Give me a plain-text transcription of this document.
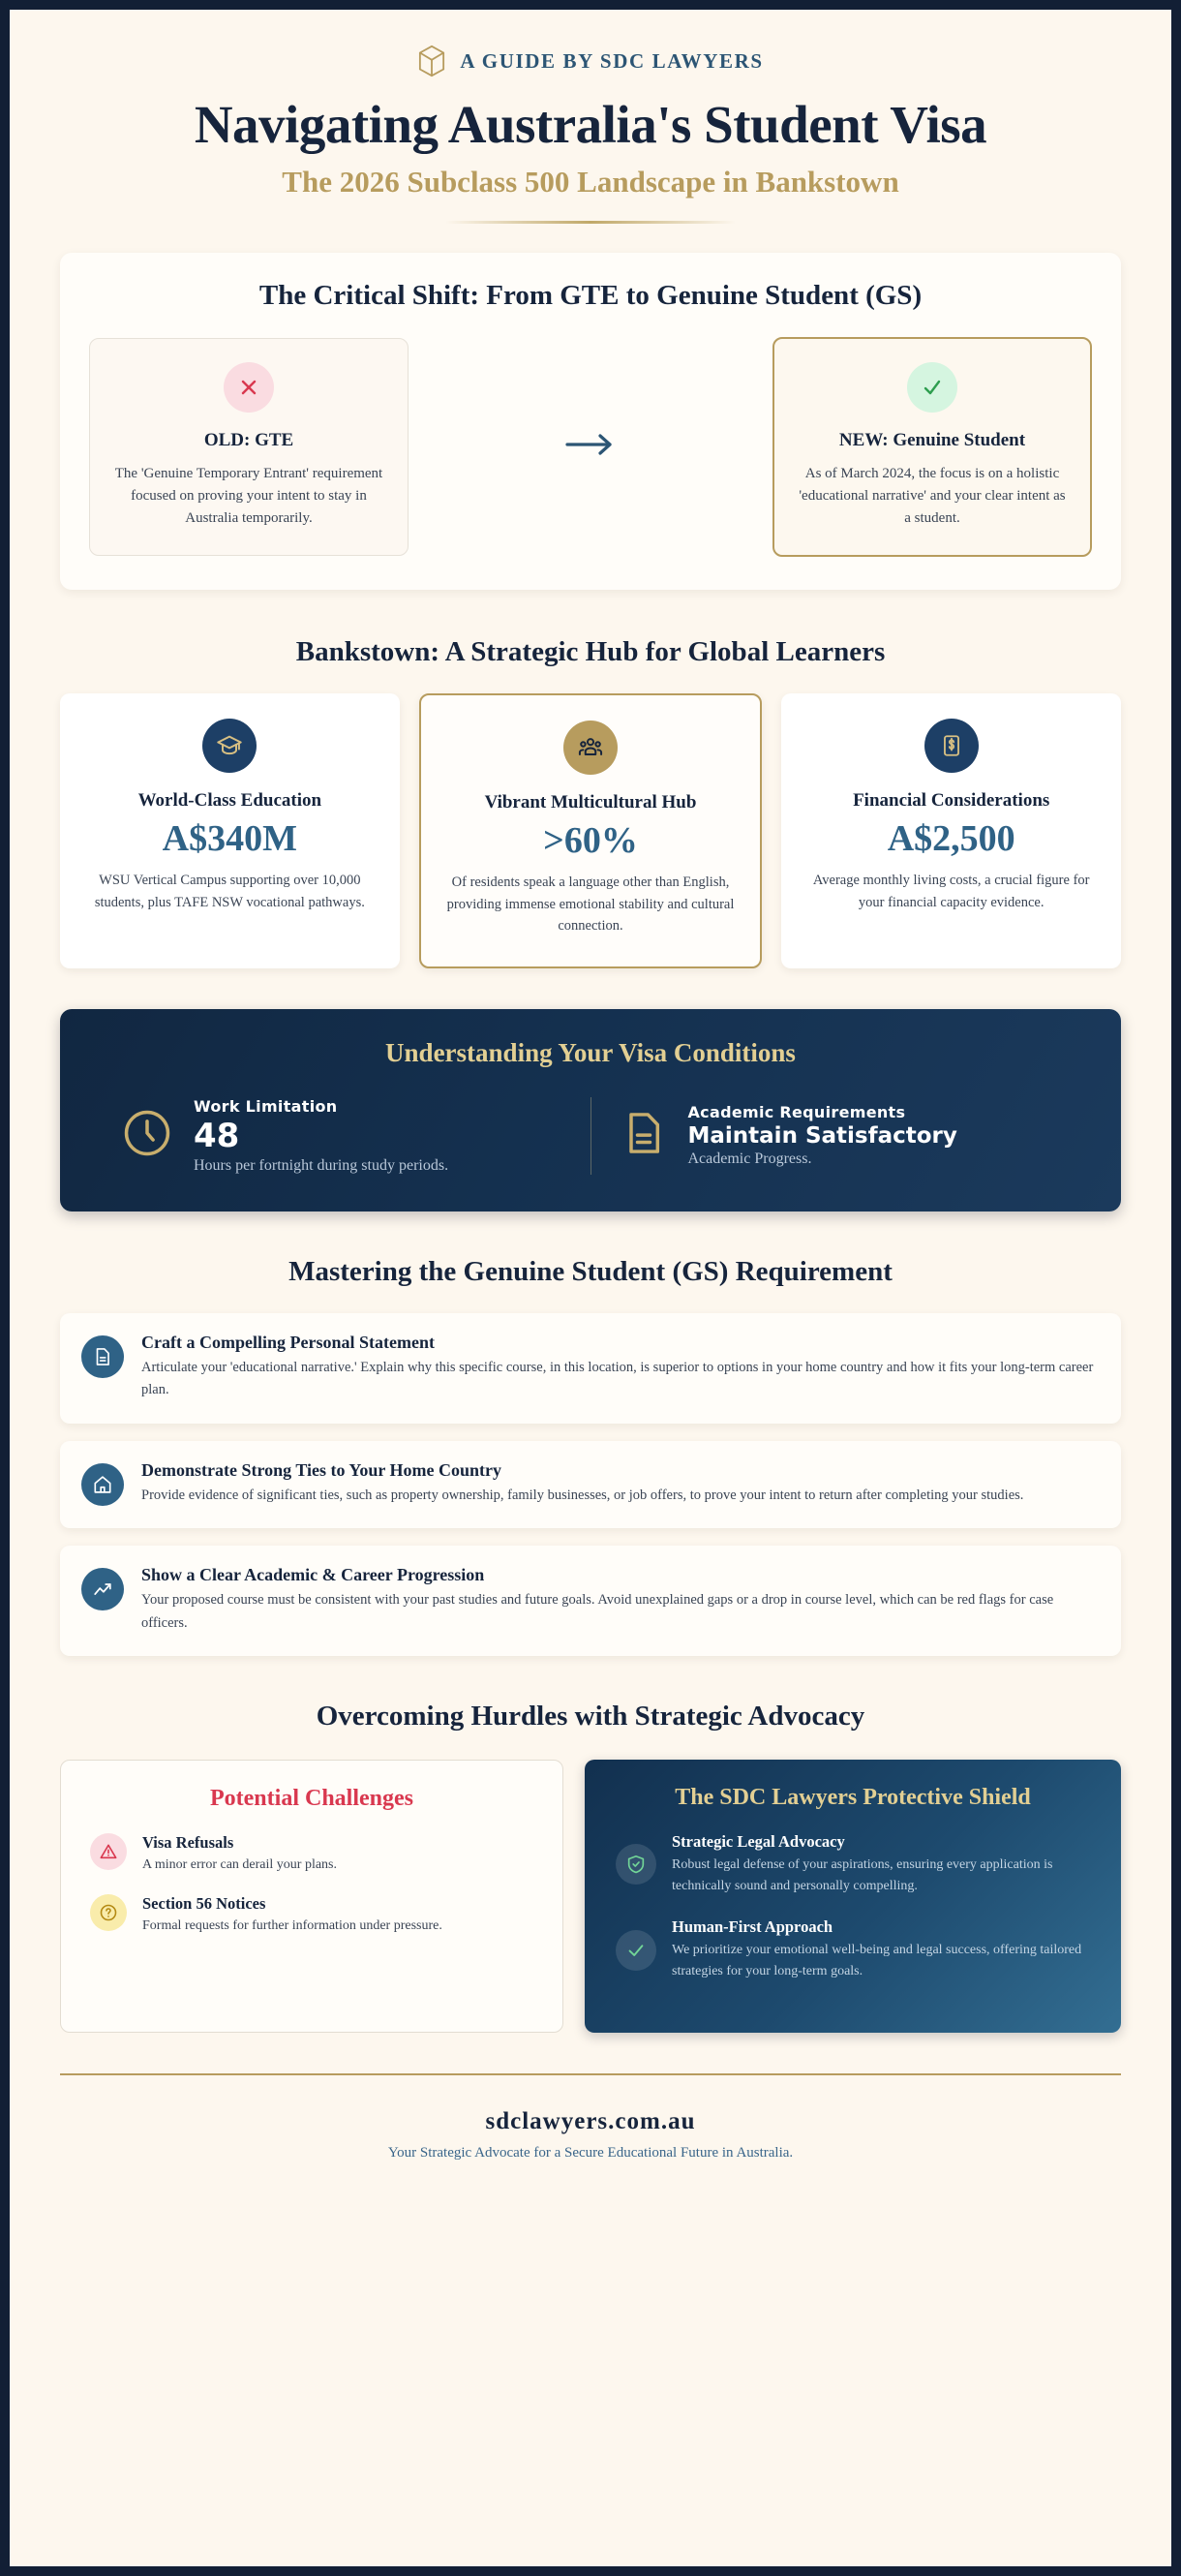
A GUIDE BY SDC LAWYERS
Navigating Australia's Student Visa
The 2026 Subclass 500 Landscape in Bankstown
The Critical Shift: From GTE to Genuine Student (GS)
OLD: GTE

The 'Genuine Temporary Entrant' requirement focused on proving your intent to stay in Australia temporarily.

NEW: Genuine Student

As of March 2024, the focus is on a holistic 'educational narrative' and your clear intent as a student.

Bankstown: A Strategic Hub for Global Learners
World-Class Education
A$340M

WSU Vertical Campus supporting over 10,000 students, plus TAFE NSW vocational pathways.

Vibrant Multicultural Hub
>60%

Of residents speak a language other than English, providing immense emotional stability and cultural connection.

Financial Considerations
A$2,500

Average monthly living costs, a crucial figure for your financial capacity evidence.

Understanding Your Visa Conditions
Work Limitation
48
Hours per fortnight during study periods.
Academic Requirements
Maintain Satisfactory
Academic Progress.
Mastering the Genuine Student (GS) Requirement
Craft a Compelling Personal Statement

Articulate your 'educational narrative.' Explain why this specific course, in this location, is superior to options in your home country and how it fits your long-term career plan.

Demonstrate Strong Ties to Your Home Country

Provide evidence of significant ties, such as property ownership, family businesses, or job offers, to prove your intent to return after completing your studies.

Show a Clear Academic & Career Progression

Your proposed course must be consistent with your past studies and future goals. Avoid unexplained gaps or a drop in course level, which can be red flags for case officers.

Overcoming Hurdles with Strategic Advocacy
Potential Challenges
Visa Refusals

A minor error can derail your plans.

Section 56 Notices

Formal requests for further information under pressure.

The SDC Lawyers Protective Shield
Strategic Legal Advocacy

Robust legal defense of your aspirations, ensuring every application is technically sound and personally compelling.

Human-First Approach

We prioritize your emotional well-being and legal success, offering tailored strategies for your long-term goals.

sdclawyers.com.au
Your Strategic Advocate for a Secure Educational Future in Australia.
